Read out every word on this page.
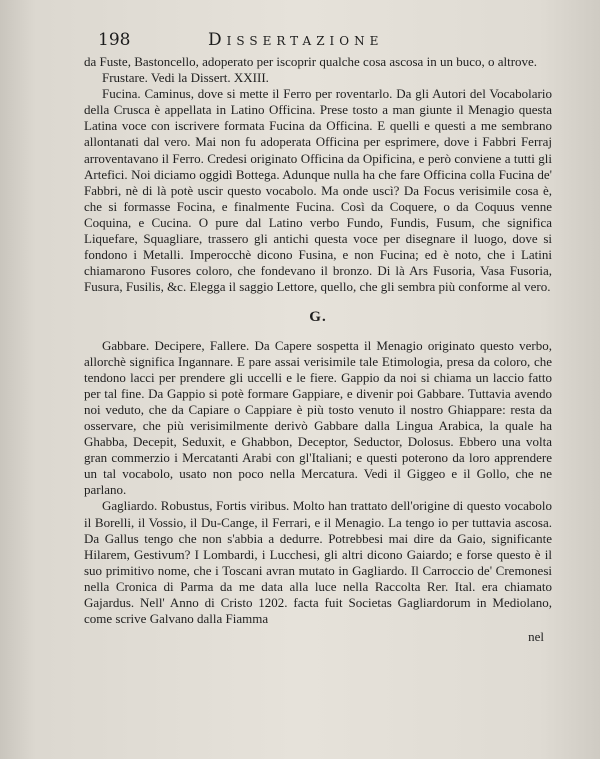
198	Dissertazione

da Fuste, Bastoncello, adoperato per iscoprir qualche cosa ascosa in un buco, o altrove.

Frustare. Vedi la Dissert. XXIII.

Fucina. Caminus, dove si mette il Ferro per roventarlo. Da gli Autori del Vocabolario della Crusca è appellata in Latino Officina. Prese tosto a man giunte il Menagio questa Latina voce con iscrivere formata Fucina da Officina. E quelli e questi a me sembrano allontanati dal vero. Mai non fu adoperata Officina per esprimere, dove i Fabbri Ferraj arroventavano il Ferro. Credesi originato Officina da Opificina, e però conviene a tutti gli Artefici. Noi diciamo oggidì Bottega. Adunque nulla ha che fare Officina colla Fucina de' Fabbri, nè di là potè uscir questo vocabolo. Ma onde uscì? Da Focus verisimile cosa è, che si formasse Focina, e finalmente Fucina. Così da Coquere, o da Coquus venne Coquina, e Cucina. O pure dal Latino verbo Fundo, Fundis, Fusum, che significa Liquefare, Squagliare, trassero gli antichi questa voce per disegnare il luogo, dove si fondono i Metalli. Imperocchè dicono Fusina, e non Fucina; ed è noto, che i Latini chiamarono Fusores coloro, che fondevano il bronzo. Di là Ars Fusoria, Vasa Fusoria, Fusura, Fusilis, &c. Elegga il saggio Lettore, quello, che gli sembra più conforme al vero.

G.

Gabbare. Decipere, Fallere. Da Capere sospetta il Menagio originato questo verbo, allorchè significa Ingannare. E pare assai verisimile tale Etimologia, presa da coloro, che tendono lacci per prendere gli uccelli e le fiere. Gappio da noi si chiama un laccio fatto per tal fine. Da Gappio si potè formare Gappiare, e divenir poi Gabbare. Tuttavia avendo noi veduto, che da Capiare o Cappiare è più tosto venuto il nostro Ghiappare: resta da osservare, che più verisimilmente derivò Gabbare dalla Lingua Arabica, la quale ha Ghabba, Decepit, Seduxit, e Ghabbon, Deceptor, Seductor, Dolosus. Ebbero una volta gran commerzio i Mercatanti Arabi con gl'Italiani; e questi poterono da loro apprendere un tal vocabolo, usato non poco nella Mercatura. Vedi il Giggeo e il Gollo, che ne parlano.

Gagliardo. Robustus, Fortis viribus. Molto han trattato dell'origine di questo vocabolo il Borelli, il Vossio, il Du-Cange, il Ferrari, e il Menagio. La tengo io per tuttavia ascosa. Da Gallus tengo che non s'abbia a dedurre. Potrebbesi mai dire da Gaio, significante Hilarem, Gestivum? I Lombardi, i Lucchesi, gli altri dicono Gaiardo; e forse questo è il suo primitivo nome, che i Toscani avran mutato in Gagliardo. Il Carroccio de' Cremonesi nella Cronica di Parma da me data alla luce nella Raccolta Rer. Ital. era chiamato Gajardus. Nell' Anno di Cristo 1202. facta fuit Societas Gagliardorum in Mediolano, come scrive Galvano dalla Fiamma

nel
